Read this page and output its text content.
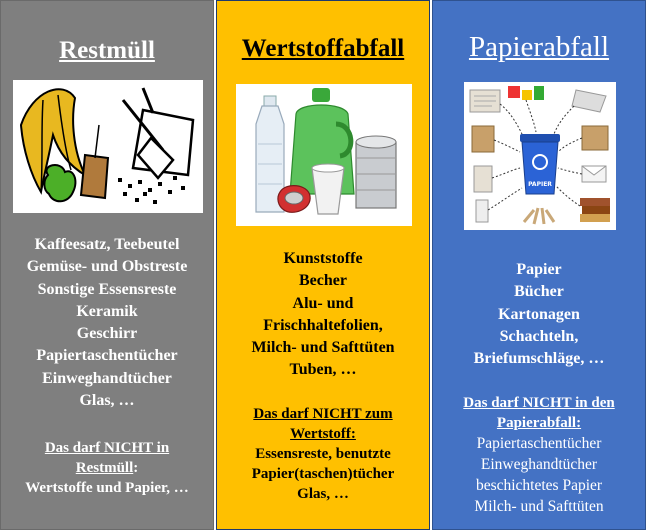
Restmüll
Kaffeesatz, Teebeutel
Gemüse- und Obstreste
Sonstige Essensreste
Keramik
Geschirr
Papiertaschentücher
Einweghandtücher
Glas, …
Das darf NICHT in
Restmüll:
Wertstoffe und Papier, …
Wertstoffabfall
Kunststoffe
Becher
Alu- und
Frischhaltefolien,
Milch- und Safttüten
Tuben, …
Das darf NICHT zum
Wertstoff:
Essensreste, benutzte
Papier(taschen)tücher
Glas, …
Papierabfall
PAPIER
Papier
Bücher
Kartonagen
Schachteln,
Briefumschläge, …
Das darf NICHT in den
Papierabfall:
Papiertaschentücher
Einweghandtücher
beschichtetes Papier
Milch- und Safttüten
